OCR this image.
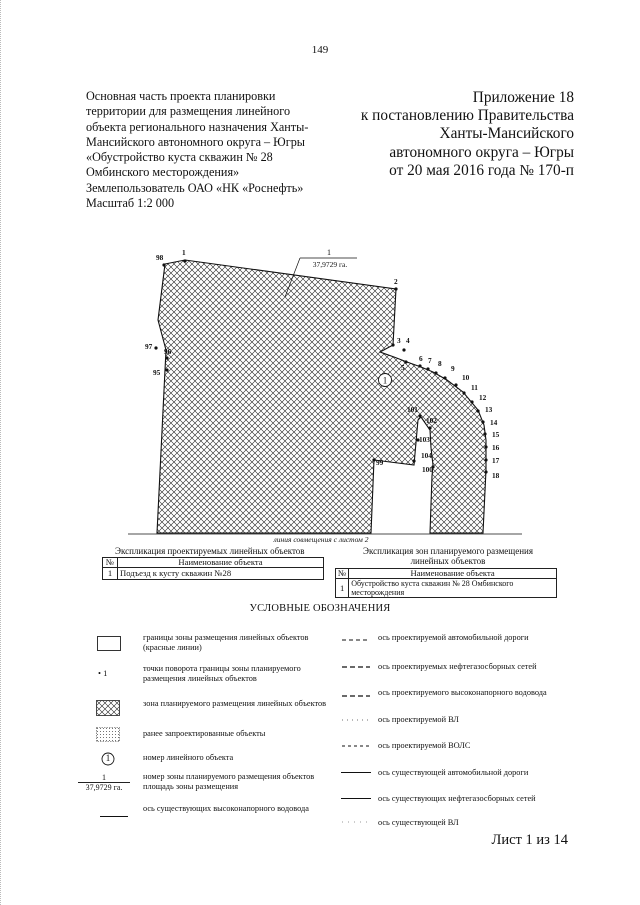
149
Основная часть проекта планировки
территории для размещения линейного
объекта регионального назначения Ханты-
Мансийского автономного округа – Югры
«Обустройство куста скважин № 28
Омбинского месторождения»
Землепользователь ОАО «НК «Роснефть»
Масштаб 1:2 000
Приложение 18
к постановлению Правительства
Ханты-Мансийского
автономного округа – Югры
от 20 мая 2016 года № 170-п
линия совмещения с листом 2
1
37,9729 га.
1
1
2
3 4
5
6 7 8
9
10
11
12
13
14
15
16
17
18
95
96
97
98
99
100
101
102
103
104
Экспликация проектируемых линейных объектов
№	Наименование объекта
1	Подъезд к кусту скважин №28
Экспликация зон планируемого размещения
линейных объектов
№	Наименование объекта
1	Обустройство куста скважин № 28 Омбинского месторождения
УСЛОВНЫЕ ОБОЗНАЧЕНИЯ
• 1
1
1
37,9729 га.
границы зоны размещения линейных объектов (красные линии)
точки поворота границы зоны планируемого размещения линейных объектов
зона планируемого размещения линейных объектов
ранее запроектированные объекты
номер линейного объекта
номер зоны планируемого размещения объектов площадь зоны размещения
ось существующих высоконапорного водовода
ось проектируемой автомобильной дороги
ось проектируемых нефтегазосборных сетей
ось проектируемого высоконапорного водовода
ось проектируемой ВЛ
ось проектируемой ВОЛС
ось существующей автомобильной дороги
ось существующих нефтегазосборных сетей
ось существующей ВЛ
Лист 1 из 14
